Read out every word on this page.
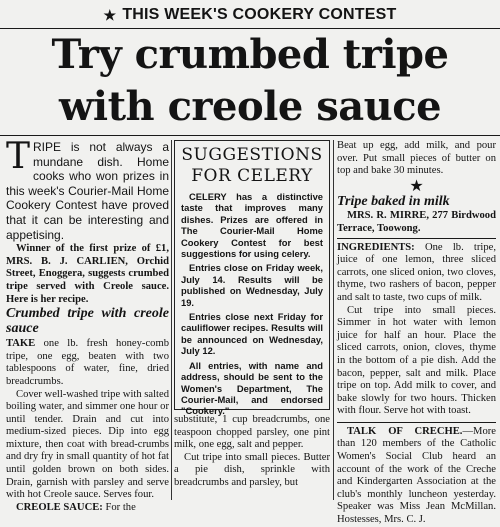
★ THIS WEEK'S COOKERY CONTEST
Try crumbed tripe
with creole sauce
TRIPE is not always a mundane dish. Home cooks who won prizes in this week's Courier-Mail Home Cookery Contest have proved that it can be interesting and appetising.

Winner of the first prize of £1, MRS. B. J. CARLIEN, Orchid Street, Enoggera, suggests crumbed tripe served with Creole sauce. Here is her recipe.

Crumbed tripe with creole sauce

TAKE one lb. fresh honey-comb tripe, one egg, beaten with two tablespoons of water, fine, dried breadcrumbs.

Cover well-washed tripe with salted boiling water, and simmer one hour or until tender. Drain and cut into medium-sized pieces. Dip into egg mixture, then coat with bread-crumbs and dry fry in small quantity of hot fat until golden brown on both sides. Drain, garnish with parsley and serve with hot Creole sauce. Serves four.

CREOLE SAUCE: For the

SUGGESTIONS
FOR CELERY

CELERY has a distinctive taste that improves many dishes. Prizes are offered in The Courier-Mail Home Cookery Contest for best suggestions for using celery.

Entries close on Friday week, July 14. Results will be published on Wednesday, July 19.

Entries close next Friday for cauliflower recipes. Results will be announced on Wednesday, July 12.

All entries, with name and address, should be sent to the Women's Department, The Courier-Mail, and endorsed "Cookery."

substitute, 1 cup breadcrumbs, one teaspoon chopped parsley, one pint milk, one egg, salt and pepper.

Cut tripe into small pieces. Butter a pie dish, sprinkle with breadcrumbs and parsley, but

Beat up egg, add milk, and pour over. Put small pieces of butter on top and bake 30 minutes.

★

Tripe baked in milk

MRS. R. MIRRE, 277 Birdwood Terrace, Toowong.

INGREDIENTS: One lb. tripe, juice of one lemon, three sliced carrots, one sliced onion, two cloves, thyme, two rashers of bacon, pepper and salt to taste, two cups of milk.

Cut tripe into small pieces. Simmer in hot water with lemon juice for half an hour. Place the sliced carrots, onion, cloves, thyme in the bottom of a pie dish. Add the bacon, pepper, salt and milk. Place tripe on top. Add milk to cover, and bake slowly for two hours. Thicken with flour. Serve hot with toast.

TALK OF CRECHE.—More than 120 members of the Catholic Women's Social Club heard an account of the work of the Creche and Kindergarten Association at the club's monthly luncheon yesterday. Speaker was Miss Jean McMillan. Hostesses, Mrs. C. J.
